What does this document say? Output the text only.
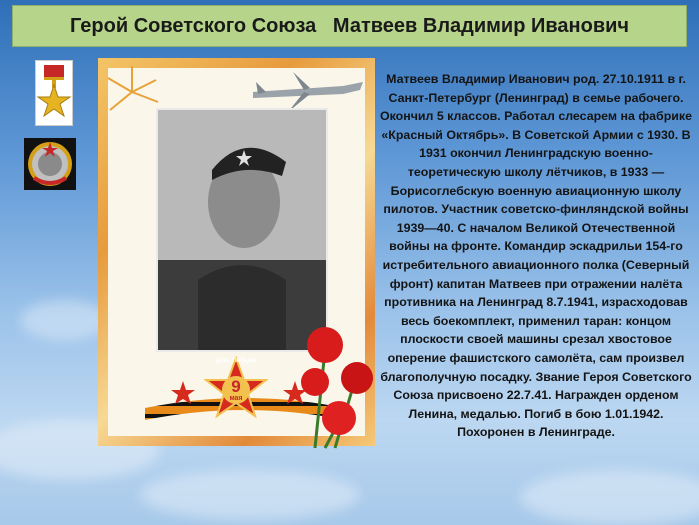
Герой Советского Союза   Матвеев Владимир Иванович
День Победы
9
мая

Матвеев Владимир Иванович род. 27.10.1911 в г. Санкт-Петербург (Ленинград) в семье рабочего. Окончил 5 классов. Работал слесарем на фабрике «Красный Октябрь». В Советской Армии с 1930. В 1931 окончил Ленинградскую военно-теоретическую школу лётчиков, в 1933 — Борисоглебскую военную авиационную школу пилотов. Участник советско-финляндской войны 1939—40. С началом Великой Отечественной войны на фронте. Командир эскадрильи 154-го истребительного авиационного полка (Северный фронт) капитан Матвеев при отражении налёта противника на Ленинград 8.7.1941, израсходовав весь боекомплект, применил таран: концом плоскости своей машины срезал хвостовое оперение фашистского самолёта, сам произвел благополучную посадку. Звание Героя Советского Союза присвоено 22.7.41. Награжден орденом Ленина, медалью. Погиб в бою 1.01.1942. Похоронен в Ленинграде.
